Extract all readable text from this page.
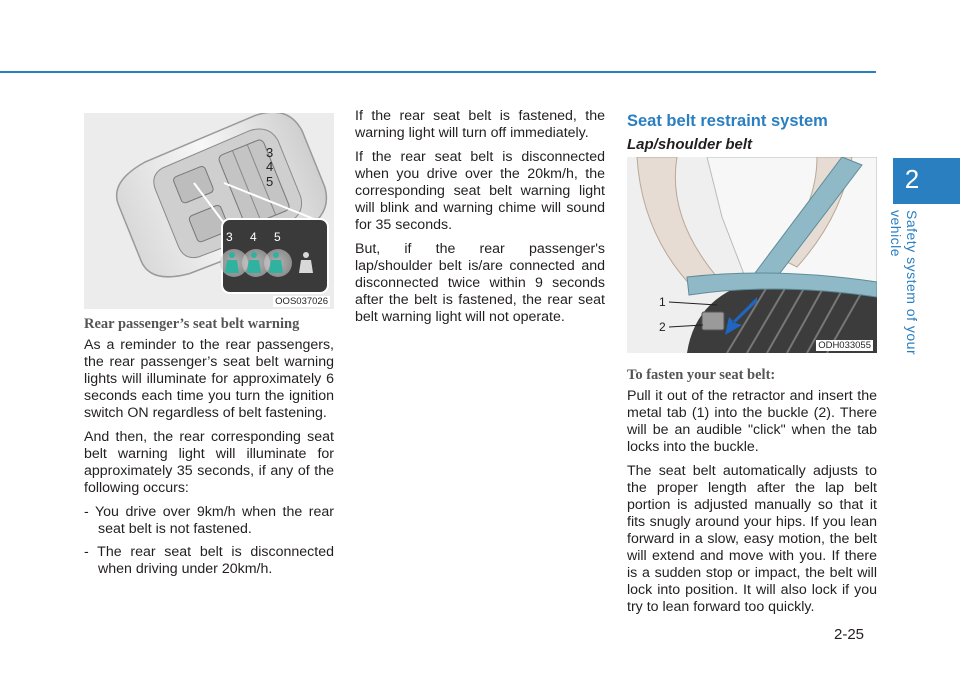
2
Safety system of your vehicle
3
4
5
3 4 5
OOS037026
Rear passenger’s seat belt warning

As a reminder to the rear passengers, the rear passenger’s seat belt warning lights will illuminate for approximately 6 seconds each time you turn the ignition switch ON regardless of belt fastening.

And then, the rear corresponding seat belt warning light will illuminate for approximately 35 seconds, if any of the following occurs:

- You drive over 9km/h when the rear seat belt is not fastened.
- The rear seat belt is disconnected when driving under 20km/h.

If the rear seat belt is fastened, the warning light will turn off immediately.

If the rear seat belt is disconnected when you drive over the 20km/h, the corresponding seat belt warning light will blink and warning chime will sound for 35 seconds.

But, if the rear passenger's lap/shoulder belt is/are connected and disconnected twice within 9 seconds after the belt is fastened, the rear seat belt warning light will not operate.

Seat belt restraint system
Lap/shoulder belt
1
2
ODH033055
To fasten your seat belt:

Pull it out of the retractor and insert the metal tab (1) into the buckle (2). There will be an audible "click" when the tab locks into the buckle.

The seat belt automatically adjusts to the proper length after the lap belt portion is adjusted manually so that it fits snugly around your hips. If you lean forward in a slow, easy motion, the belt will extend and move with you. If there is a sudden stop or impact, the belt will lock into position. It will also lock if you try to lean forward too quickly.

2-25
